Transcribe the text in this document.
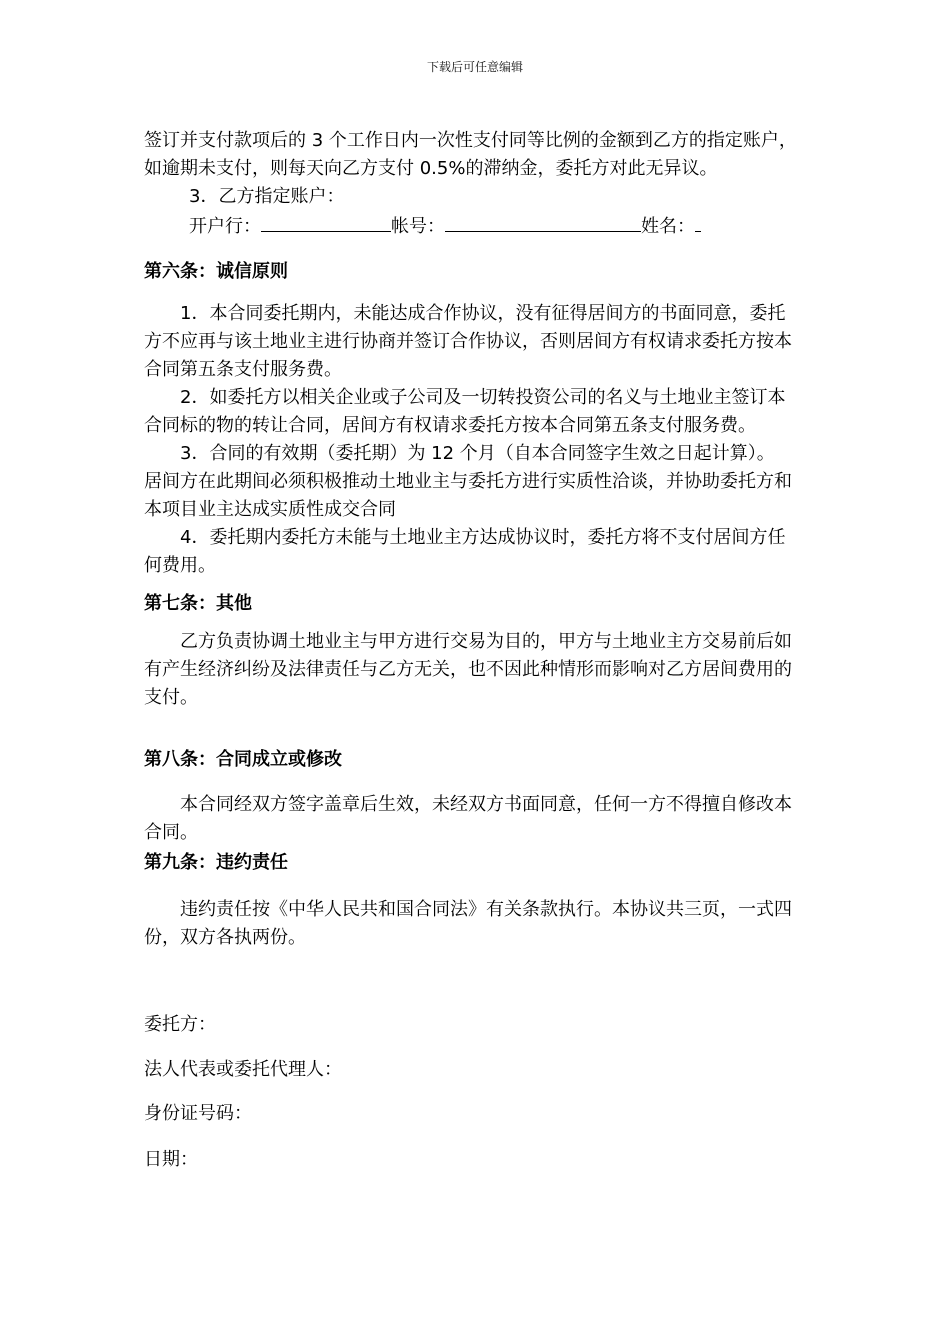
下载后可任意编辑

签订并支付款项后的 3 个工作日内一次性支付同等比例的金额到乙方的指定账户，如逾期未支付，则每天向乙方支付 0.5%的滞纳金，委托方对此无异议。

3．乙方指定账户：

开户行：	帐号：	姓名：

第六条：诚信原则

1．本合同委托期内，未能达成合作协议，没有征得居间方的书面同意，委托方不应再与该土地业主进行协商并签订合作协议，否则居间方有权请求委托方按本合同第五条支付服务费。

2．如委托方以相关企业或子公司及一切转投资公司的名义与土地业主签订本合同标的物的转让合同，居间方有权请求委托方按本合同第五条支付服务费。

3．合同的有效期（委托期）为 12 个月（自本合同签字生效之日起计算）。

居间方在此期间必须积极推动土地业主与委托方进行实质性洽谈，并协助委托方和本项目业主达成实质性成交合同

4．委托期内委托方未能与土地业主方达成协议时，委托方将不支付居间方任何费用。

第七条：其他

乙方负责协调土地业主与甲方进行交易为目的，甲方与土地业主方交易前后如有产生经济纠纷及法律责任与乙方无关，也不因此种情形而影响对乙方居间费用的支付。

第八条：合同成立或修改

本合同经双方签字盖章后生效，未经双方书面同意，任何一方不得擅自修改本合同。

第九条：违约责任

违约责任按《中华人民共和国合同法》有关条款执行。本协议共三页，一式四份，双方各执两份。

委托方：
法人代表或委托代理人：
身份证号码：
日期：
